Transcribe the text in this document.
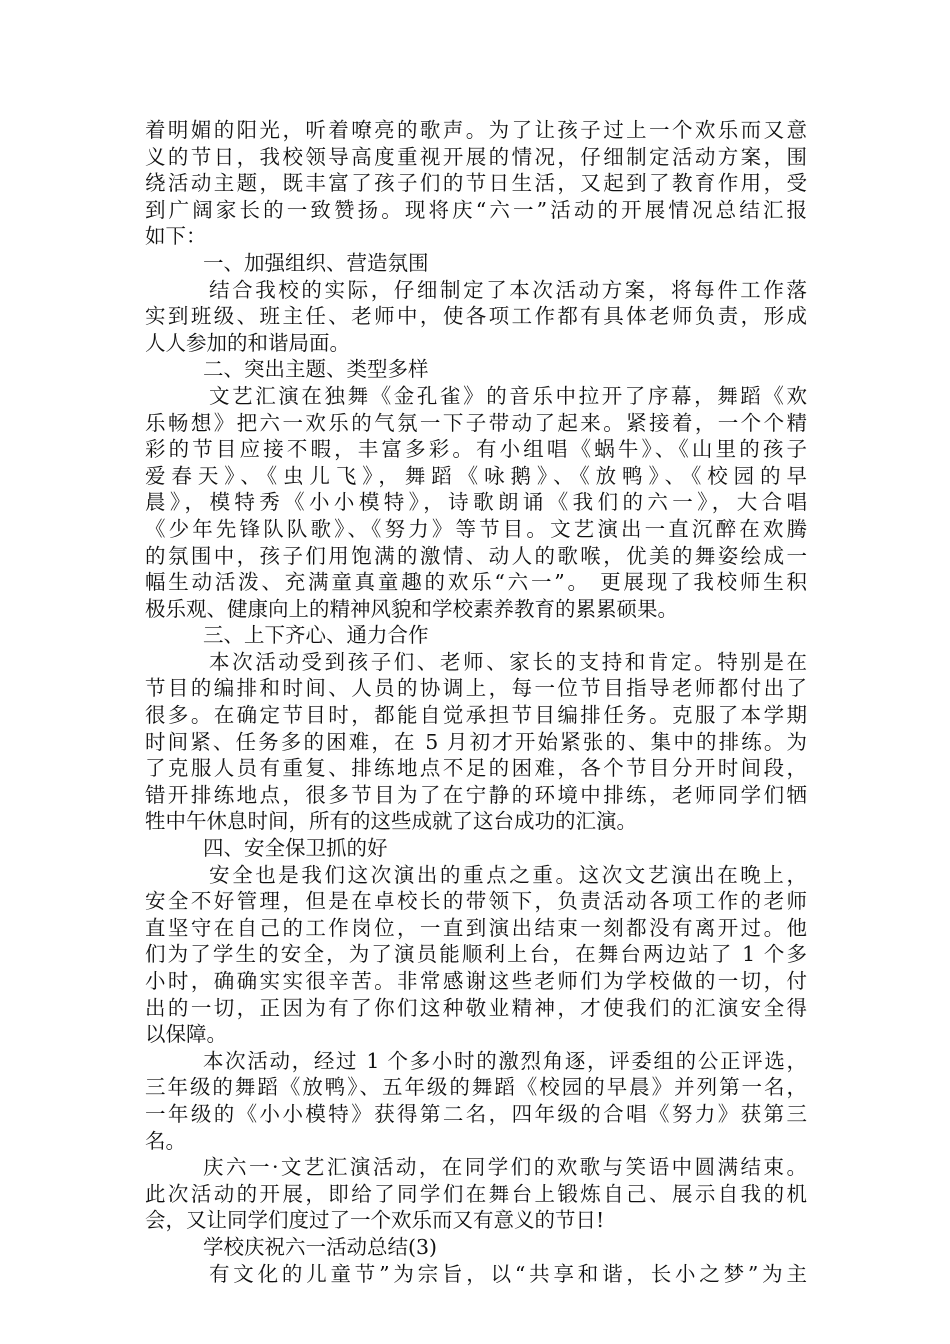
着明媚的阳光，听着嘹亮的歌声。为了让孩子过上一个欢乐而又意
义的节日，我校领导高度重视开展的情况，仔细制定活动方案，围
绕活动主题，既丰富了孩子们的节日生活，又起到了教育作用，受
到广阔家长的一致赞扬。现将庆“六一”活动的开展情况总结汇报
如下：
一、加强组织、营造氛围
结合我校的实际，仔细制定了本次活动方案，将每件工作落
实到班级、班主任、老师中，使各项工作都有具体老师负责，形成
人人参加的和谐局面。
二、突出主题、类型多样
文艺汇演在独舞《金孔雀》的音乐中拉开了序幕，舞蹈《欢
乐畅想》把六一欢乐的气氛一下子带动了起来。紧接着，一个个精
彩的节目应接不暇，丰富多彩。有小组唱《蜗牛》、《山里的孩子
爱春天》、《虫儿飞》，舞蹈《咏鹅》、《放鸭》、《校园的早
晨》，模特秀《小小模特》，诗歌朗诵《我们的六一》，大合唱
《少年先锋队队歌》、《努力》等节目。文艺演出一直沉醉在欢腾
的氛围中，孩子们用饱满的激情、动人的歌喉，优美的舞姿绘成一
幅生动活泼、充满童真童趣的欢乐“六一”。 更展现了我校师生积
极乐观、健康向上的精神风貌和学校素养教育的累累硕果。
三、上下齐心、通力合作
本次活动受到孩子们、老师、家长的支持和肯定。特别是在
节目的编排和时间、人员的协调上，每一位节目指导老师都付出了
很多。在确定节目时，都能自觉承担节目编排任务。克服了本学期
时间紧、任务多的困难，在 5 月初才开始紧张的、集中的排练。为
了克服人员有重复、排练地点不足的困难，各个节目分开时间段，
错开排练地点，很多节目为了在宁静的环境中排练，老师同学们牺
牲中午休息时间，所有的这些成就了这台成功的汇演。
四、安全保卫抓的好
安全也是我们这次演出的重点之重。这次文艺演出在晚上，
安全不好管理，但是在卓校长的带领下，负责活动各项工作的老师
直坚守在自己的工作岗位，一直到演出结束一刻都没有离开过。他
们为了学生的安全，为了演员能顺利上台，在舞台两边站了 1 个多
小时，确确实实很辛苦。非常感谢这些老师们为学校做的一切，付
出的一切，正因为有了你们这种敬业精神，才使我们的汇演安全得
以保障。
本次活动，经过 1 个多小时的激烈角逐，评委组的公正评选，
三年级的舞蹈《放鸭》、五年级的舞蹈《校园的早晨》并列第一名，
一年级的《小小模特》获得第二名，四年级的合唱《努力》获第三
名。
庆六一·文艺汇演活动，在同学们的欢歌与笑语中圆满结束。
此次活动的开展，即给了同学们在舞台上锻炼自己、展示自我的机
会，又让同学们度过了一个欢乐而又有意义的节日!
学校庆祝六一活动总结(3)
有文化的儿童节”为宗旨，以“共享和谐，长小之梦”为主
